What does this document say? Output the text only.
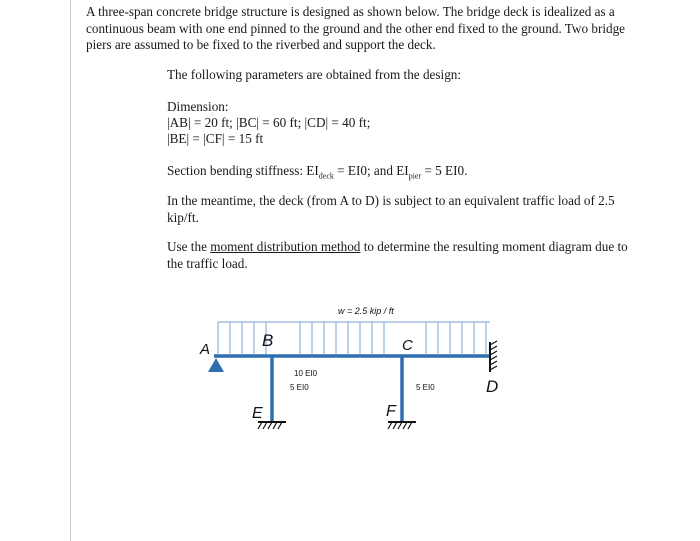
A three-span concrete bridge structure is designed as shown below. The bridge deck is idealized as a continuous beam with one end pinned to the ground and the other end fixed to the ground. Two bridge piers are assumed to be fixed to the riverbed and support the deck.
The following parameters are obtained from the design:
Dimension:
|AB| = 20 ft; |BC| = 60 ft; |CD| = 40 ft;
|BE| = |CF| = 15 ft
Section bending stiffness: $EI_{deck} = EI0$; and $EI_{pier} = 5$ EI0.
In the meantime, the deck (from A to D) is subject to an equivalent traffic load of 2.5 kip/ft.
Use the moment distribution method to determine the resulting moment diagram due to the traffic load.
w = 2.5 kip / ft
10 EI0
5 EI0	5 EI0
A	B	C
D
E	F
